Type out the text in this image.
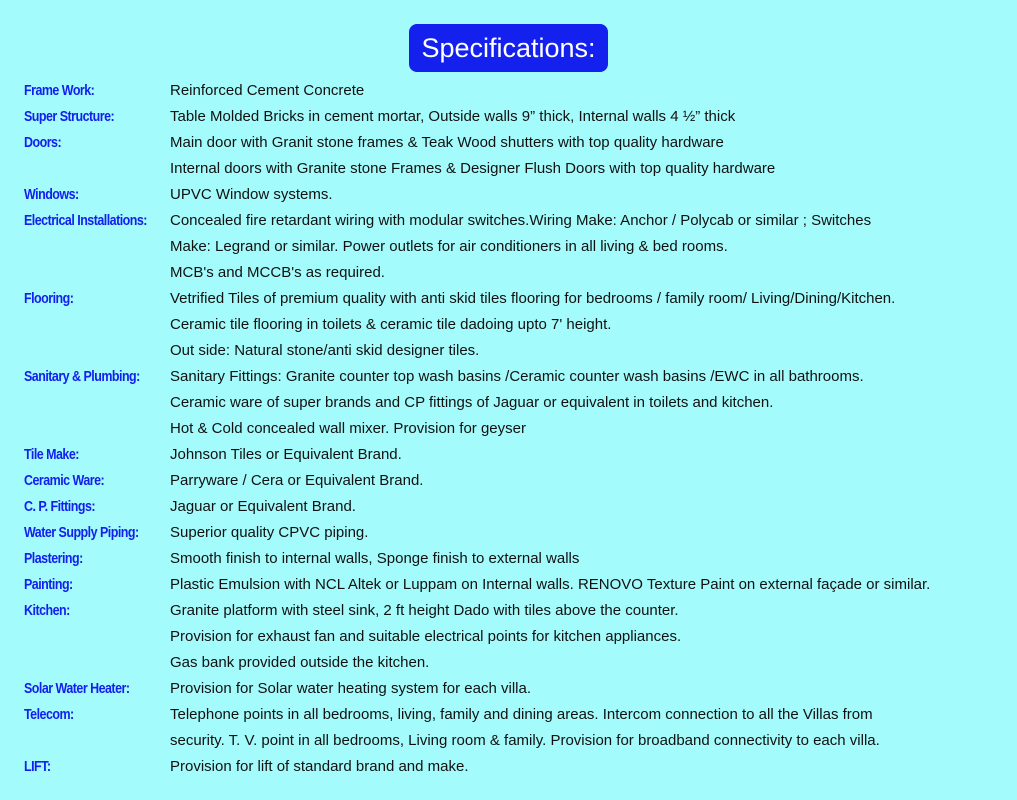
Specifications:
Frame Work:	Reinforced Cement Concrete
Super Structure:	Table Molded Bricks in cement mortar, Outside walls 9” thick, Internal walls 4 ½” thick
Doors:	Main door with Granit stone frames & Teak Wood shutters with top quality hardware
Internal doors with Granite stone Frames & Designer Flush Doors with top quality hardware
Windows:	UPVC Window systems.
Electrical Installations: Concealed fire retardant wiring with modular switches.Wiring Make: Anchor / Polycab or similar ; Switches
Make: Legrand or similar. Power outlets for air conditioners in all living & bed rooms.
MCB's and MCCB's as required.
Flooring:	Vetrified Tiles of premium quality with anti skid tiles flooring for bedrooms / family room/ Living/Dining/Kitchen.
Ceramic tile flooring in toilets & ceramic tile dadoing upto 7' height.
Out side: Natural stone/anti skid designer tiles.
Sanitary & Plumbing:	Sanitary Fittings: Granite counter top wash basins /Ceramic counter wash basins /EWC in all bathrooms.
Ceramic ware of super brands and CP fittings of Jaguar or equivalent in toilets and kitchen.
Hot & Cold concealed wall mixer. Provision for geyser
Tile Make:	Johnson Tiles or Equivalent Brand.
Ceramic Ware:	Parryware / Cera or Equivalent Brand.
C. P. Fittings:	Jaguar or Equivalent Brand.
Water Supply Piping:	Superior quality CPVC piping.
Plastering:	Smooth finish to internal walls, Sponge finish to external walls
Painting:	Plastic Emulsion with NCL Altek or Luppam on Internal walls. RENOVO Texture Paint on external façade or similar.
Kitchen:	Granite platform with steel sink, 2 ft height Dado with tiles above the counter.
Provision for exhaust fan and suitable electrical points for kitchen appliances.
Gas bank provided outside the kitchen.
Solar Water Heater:	Provision for Solar water heating system for each villa.
Telecom:	Telephone points in all bedrooms, living, family and dining areas. Intercom connection to all the Villas from
security. T. V. point in all bedrooms, Living room & family. Provision for broadband connectivity to each villa.
LIFT:	Provision for lift of standard brand and make.
